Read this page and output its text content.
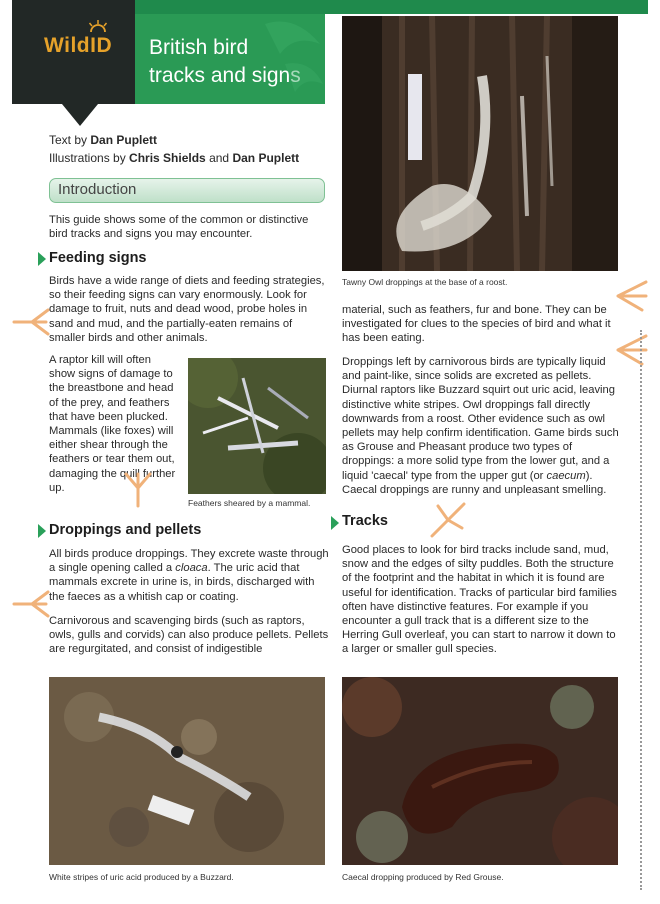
WildID British bird
tracks and signs
Text by Dan Puplett
Illustrations by Chris Shields and Dan Puplett
Introduction
This guide shows some of the common or distinctive bird tracks and signs you may encounter.
Feeding signs
Birds have a wide range of diets and feeding strategies, so their feeding signs can vary enormously. Look for damage to fruit, nuts and dead wood, probe holes in sand and mud, and the partially-eaten remains of smaller birds and other animals.
A raptor kill will often show signs of damage to the breastbone and head of the prey, and feathers that have been plucked. Mammals (like foxes) will either shear through the feathers or tear them out, damaging the quill further up.
Feathers sheared by a mammal.
Droppings and pellets
All birds produce droppings. They excrete waste through a single opening called a cloaca. The uric acid that mammals excrete in urine is, in birds, discharged with the faeces as a whitish cap or coating.
Carnivorous and scavenging birds (such as raptors, owls, gulls and corvids) can also produce pellets. Pellets are regurgitated, and consist of indigestible
Tawny Owl droppings at the base of a roost.
material, such as feathers, fur and bone. They can be investigated for clues to the species of bird and what it has been eating.
Droppings left by carnivorous birds are typically liquid and paint-like, since solids are excreted as pellets. Diurnal raptors like Buzzard squirt out uric acid, leaving distinctive white stripes. Owl droppings fall directly downwards from a roost. Other evidence such as owl pellets may help confirm identification. Game birds such as Grouse and Pheasant produce two types of droppings: a more solid type from the lower gut, and a liquid 'caecal' type from the upper gut (or caecum). Caecal droppings are runny and unpleasant smelling.
Tracks
Good places to look for bird tracks include sand, mud, snow and the edges of silty puddles. Both the structure of the footprint and the habitat in which it is found are useful for identification. Tracks of particular bird families often have distinctive features. For example if you encounter a gull track that is a different size to the Herring Gull overleaf, you can start to narrow it down to a larger or smaller gull species.
White stripes of uric acid produced by a Buzzard.	Caecal dropping produced by Red Grouse.
